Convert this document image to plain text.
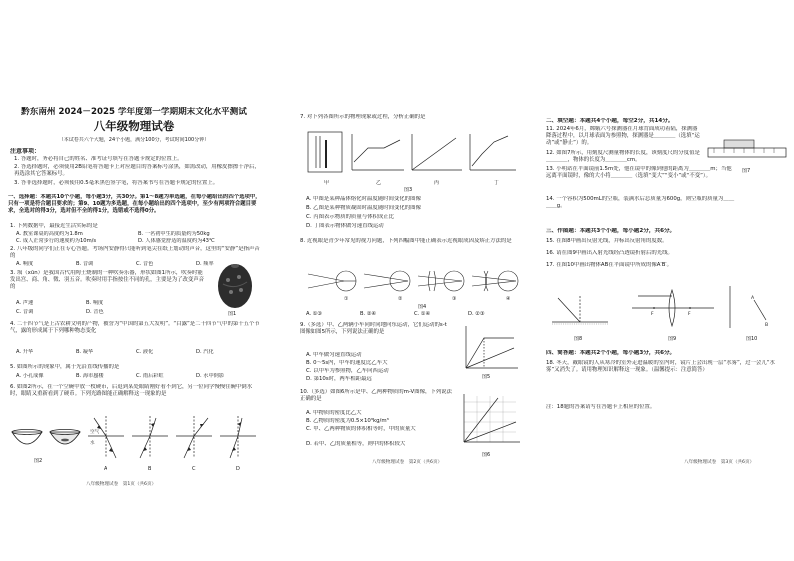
黔东南州 2024－2025 学年度第一学期期末文化水平测试
八年级物理试卷
（本试卷共六个大题，24个小题，满分100分，考试时间100分钟）
注意事项：
1. 答题时，务必将自己的姓名、准考证号填写在答题卡规定的位置上。
2. 答选择题时，必须使用2B铅笔将答题卡上对应题目的答案标号涂黑，如需改动，用橡皮擦擦干净后，再选涂其它答案标号。
3. 答非选择题时，必须使用0.5毫米黑色签字笔，将答案书写在答题卡规定的位置上。
一、选择题：本题共10个小题，每小题3分，共30分。第1～8题为单选题，在每小题给出的四个选项中，只有一项是符合题目要求的；第9、10题为多选题，在每小题给出的四个选项中，至少有两项符合题目要求，全选对的得3分，选对但不全的得1分，选错或不选得0分。
1. 下列数据中，最接近生活实际的是
A. 教室课桌的高度约为1.8m	B. 一名初中生的质量约为50kg
C. 成人正常步行的速度约为10m/s	D. 人体感觉舒适的温度约为43℃
2. 八年级的同学们正在专心答题。考场内安静得只能听到笔尖在纸上划动的声音，这里的“安静”是指声音的
A. 响度	B. 音调	C. 音色	D. 频率
3. 埙（xūn）是我国古代用陶土烧制的一种吹奏乐器，形状如图1所示，吹奏时能发出宫、商、角、徵、羽五音。吹奏时用手指按住不同的孔，主要是为了改变声音的
A. 声速	B. 响度
C. 音调	D. 音色	图1
4. 二十四节气是上古农耕文明的产物，被誉为“中国的第五大发明”。“白露”是二十四节气中的第十五个节气，露的形成属于下列哪种物态变化
A. 升华	B. 凝华	C. 液化	D. 汽化
5. 如图所示的现象中，属于光沿直线传播的是
A. 小孔成像	B. 海市蜃楼	C. 雨后彩虹	D. 水中倒影
6. 如图2所示，在一个空碗中放一枚硬币，后退到某处眼睛刚好看不到它，另一位同学慢慢往碗中倒水时，眼睛又重新看到了硬币。下列光路图能正确解释这一现象的是
图2
空气
水
A	B	C	D
八年级物理试卷　第1页（共6页）
7. 对下列各图所示的物理现象或过程，分析正确的是
甲	乙	丙	丁
图3
A. 甲图是某种晶体熔化时温度随时间变化的图像
B. 乙图是某种物质凝固时温度随时间变化的图像
C. 丙图表示物质的质量与体积成正比
D. 丁图表示物体做匀速直线运动
8. 近视眼是青少年常见的视力问题，下列四幅图中能正确表示近视眼成因及矫正方法的是
①	②	③	④
图4
A. ①③	B. ②④	C. ①④	D. ②③
9.（多选）甲、乙两辆小车同时同地向东运动，它们运动的s-t图像如图5所示，下列说法正确的是
A. 甲车做匀速直线运动
B. 0～5s内，甲车的速度比乙车大
C. 以甲车为参照物，乙车向西运动
D. 第10s时，两车相距最远	图5
10.（多选）如图6所示是甲、乙两种物质的m-V图像，下列说法正确的是
A. 甲物质的密度比乙大
B. 乙物质的密度为0.5×10³kg/m³
C. 甲、乙两种物质的体积相等时，甲的质量大
D. 若甲、乙的质量相等，则甲的体积较大
图6
八年级物理试卷　第2页（共6页）
二、填空题：本题共4个小题，每空2分，共14分。
11. 2024年6月，嫦娥六号探测器在月球背面成功着陆，探测器降落过程中，以月球表面为参照物，探测器是＿＿＿＿（选填“运动”或“静止”）的。
12. 如图7所示，用刻度尺测量物体的长度，该刻度尺的分度值是＿＿＿＿，物体的长度为＿＿＿＿cm。
图7
13. 小明站在平面镜前1.5m处，他在镜中的像到他的距离为＿＿＿＿m；当他远离平面镜时，像的大小将＿＿＿＿（选填“变大”“变小”或“不变”）。
14. 一个容积为500mL的空瓶，装满水后总质量为600g，则空瓶的质量为＿＿＿＿g。
三、作图题：本题共3个小题，每小题2分，共6分。
15. 在图8中画出反射光线，并标出反射角的度数。
16. 请在图9中画出入射光线经凸透镜折射后的光线。
17. 在图10中画出物体AB在平面镜中所成的像A′B′。
F	F
A
B
图8	图9	图10
四、简答题：本题共2个小题，每小题3分，共6分。
18. 冬天，戴眼镜的人从寒冷的室外走进温暖的室内时，镜片上会出现一层“水雾”，过一会儿“水雾”又消失了。请用物理知识解释这一现象。（温馨提示：注意简答）
注：18题的答案请写在答题卡上相应的位置。
八年级物理试卷　第3页（共6页）
